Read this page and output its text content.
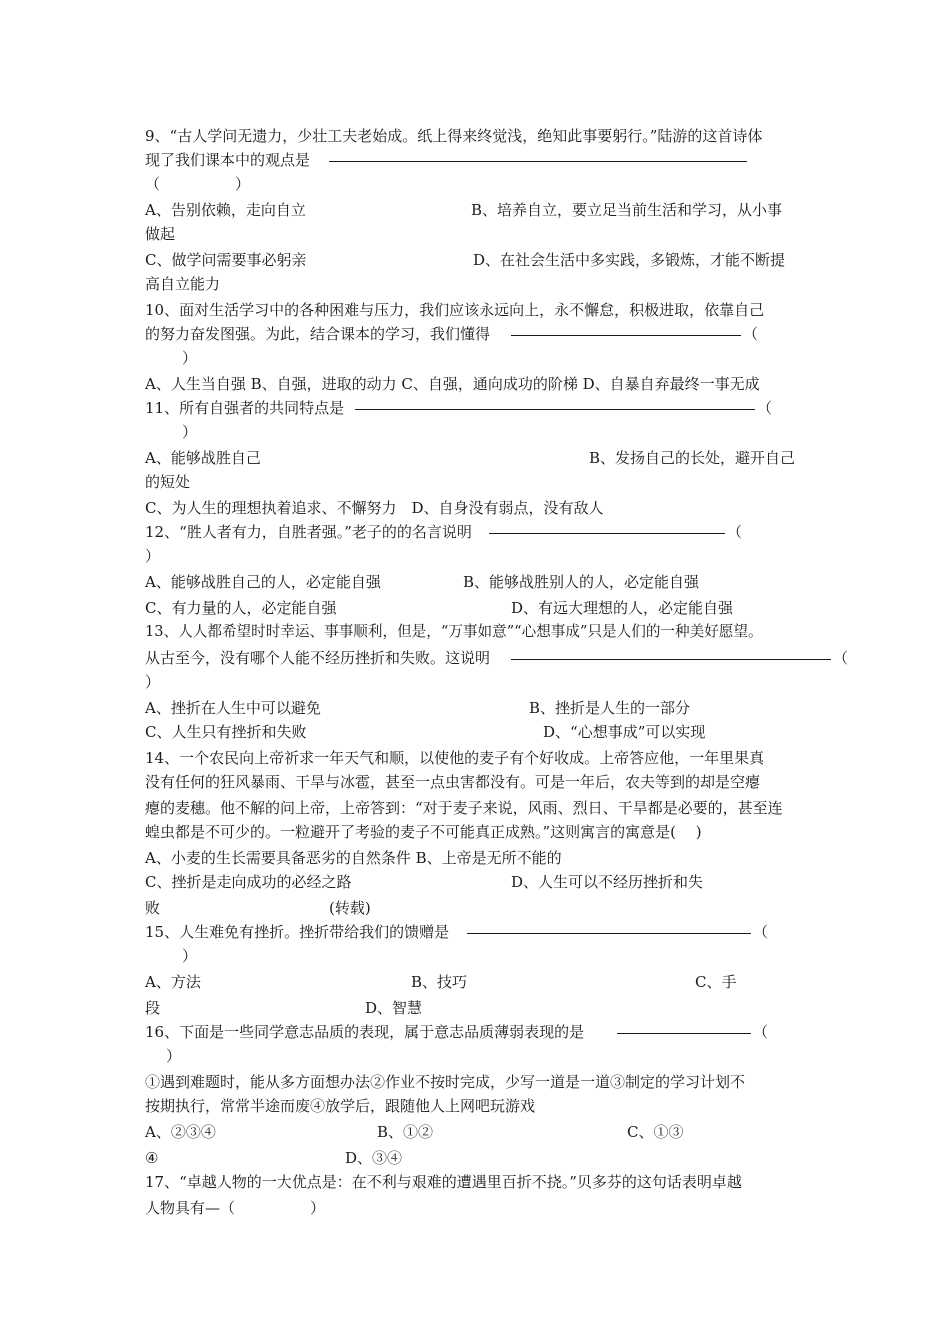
9、“古人学问无遗力，少壮工夫老始成。纸上得来终觉浅，绝知此事要躬行。”陆游的这首诗体
现了我们课本中的观点是
（　　　　　）
A、告别依赖，走向自立	B、培养自立，要立足当前生活和学习，从小事
做起
C、做学问需要事必躬亲	D、在社会生活中多实践，多锻炼，才能不断提
高自立能力
10、面对生活学习中的各种困难与压力，我们应该永远向上，永不懈怠，积极进取，依靠自己
的努力奋发图强。为此，结合课本的学习，我们懂得	（
）
A、人生当自强 B、自强，进取的动力 C、自强，通向成功的阶梯 D、自暴自弃最终一事无成
11、所有自强者的共同特点是	（
）
A、能够战胜自己	B、发扬自己的长处，避开自己
的短处
C、为人生的理想执着追求、不懈努力　D、自身没有弱点，没有敌人
12、“胜人者有力，自胜者强。”老子的的名言说明	（
）
A、能够战胜自己的人，必定能自强	B、能够战胜别人的人，必定能自强
C、有力量的人，必定能自强	D、有远大理想的人，必定能自强
13、人人都希望时时幸运、事事顺利，但是，“万事如意”“心想事成”只是人们的一种美好愿望。
从古至今，没有哪个人能不经历挫折和失败。这说明	（
）
A、挫折在人生中可以避免	B、挫折是人生的一部分
C、人生只有挫折和失败	D、“心想事成”可以实现
14、一个农民向上帝祈求一年天气和顺，以使他的麦子有个好收成。上帝答应他，一年里果真
没有任何的狂风暴雨、干旱与冰雹，甚至一点虫害都没有。可是一年后，农夫等到的却是空瘪
瘪的麦穗。他不解的问上帝，上帝答到：“对于麦子来说，风雨、烈日、干旱都是必要的，甚至连
蝗虫都是不可少的。一粒避开了考验的麦子不可能真正成熟。”这则寓言的寓意是(　 )
A、小麦的生长需要具备恶劣的自然条件 B、上帝是无所不能的
C、挫折是走向成功的必经之路	D、人生可以不经历挫折和失
败	(转载)
15、人生难免有挫折。挫折带给我们的馈赠是	（
）
A、方法	B、技巧	C、手
段	D、智慧
16、下面是一些同学意志品质的表现，属于意志品质薄弱表现的是	（
）
①遇到难题时，能从多方面想办法②作业不按时完成，少写一道是一道③制定的学习计划不
按期执行，常常半途而废④放学后，跟随他人上网吧玩游戏
A、②③④	B、①②	C、①③
④	D、③④
17、“卓越人物的一大优点是：在不利与艰难的遭遇里百折不挠。”贝多芬的这句话表明卓越
人物具有—（　　　　　）
